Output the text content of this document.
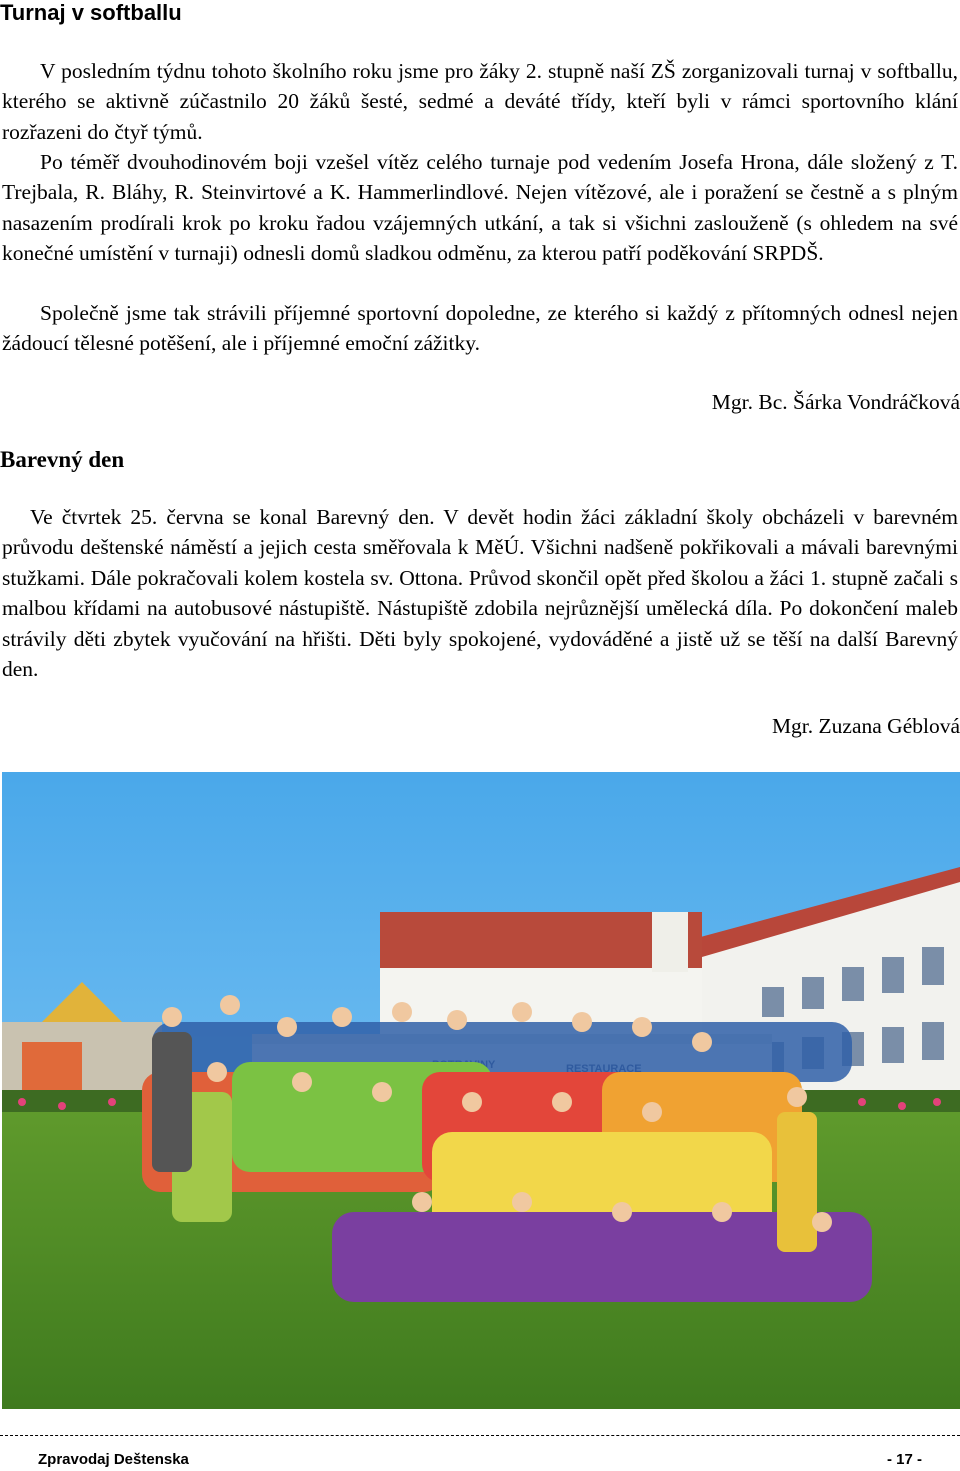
Turnaj v softballu

V posledním týdnu tohoto školního roku jsme pro žáky 2. stupně naší ZŠ zorganizovali turnaj v softballu, kterého se aktivně zúčastnilo 20 žáků šesté, sedmé a deváté třídy, kteří byli v rámci sportovního klání rozřazeni do čtyř týmů.

Po téměř dvouhodinovém boji vzešel vítěz celého turnaje pod vedením Josefa Hrona, dále složený z T. Trejbala, R. Bláhy, R. Steinvirtové a K. Hammerlindlové. Nejen vítězové, ale i poražení se čestně a s plným nasazením prodírali krok po kroku řadou vzájemných utkání, a tak si všichni zaslouženě (s ohledem na své konečné umístění v turnaji) odnesli domů sladkou odměnu, za kterou patří poděkování SRPDŠ.

Společně jsme tak strávili příjemné sportovní dopoledne, ze kterého si každý z přítomných odnesl nejen žádoucí tělesné potěšení, ale i příjemné emoční zážitky.

Mgr. Bc. Šárka Vondráčková
Barevný den

Ve čtvrtek 25. června se konal Barevný den. V devět hodin žáci základní školy obcházeli v barevném průvodu deštenské náměstí a jejich cesta směřovala k MěÚ. Všichni nadšeně pokřikovali a mávali barevnými stužkami. Dále pokračovali kolem kostela sv. Ottona. Průvod skončil opět před školou a žáci 1. stupně začali s malbou křídami na autobusové nástupiště. Nástupiště zdobila nejrůznější umělecká díla. Po dokončení maleb strávily děti zbytek vyučování na hřišti. Děti byly spokojené, vydováděné a jistě už se těší na další Barevný den.

Mgr. Zuzana Géblová
Zpravodaj Deštenska	- 17 -
